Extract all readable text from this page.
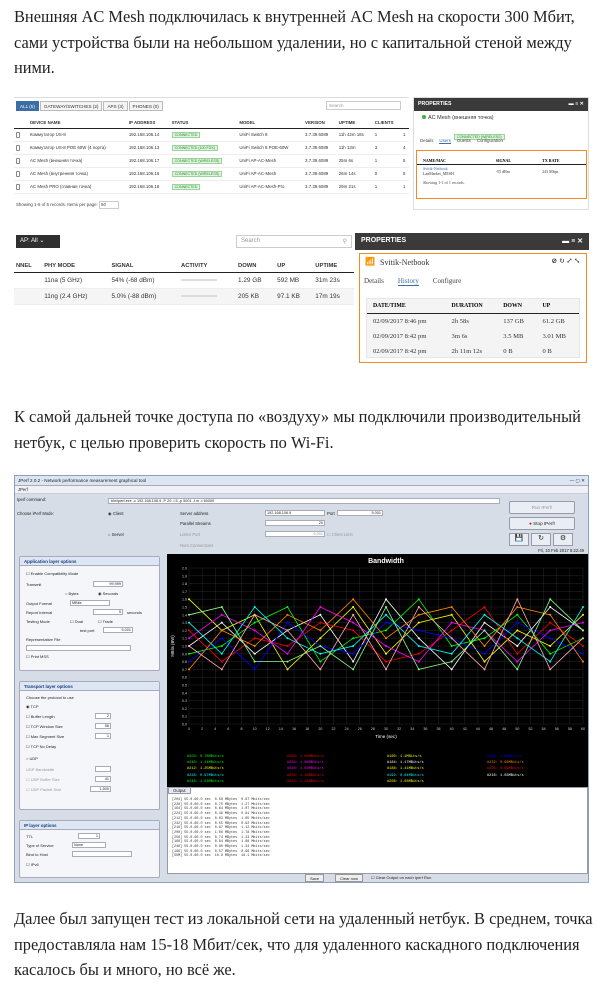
Внешняя AC Mesh подключилась к внутренней AC Mesh на скорости 300 Мбит, сами устройства были на небольшом удалении, но с капитальной стеной между ними.

ALL (5)	GATEWAY/SWITCHES (2)	APS (3)	PHONES (0)	Search
	DEVICE NAME	IP ADDRESS	STATUS	MODEL	VERSION	UPTIME	CLIENTS	
	Коммутатор US-8	192.168.106.14	CONNECTED	UniFi Switch 8	3.7.39.6089	11h 42m 18s	1	1
	Коммутатор US-8 POE 60W (4 порта)	192.168.106.13	CONNECTED (100 FDX)	UniFi Switch 8 POE-60W	3.7.39.6089	11h 13m	3	4
	AC Mesh (внешняя точка)	192.168.106.17	CONNECTED (WIRELESS)	UniFi AP-AC-Mesh	3.7.39.6089	25m 6s	1	5
	AC Mesh (внутренняя точка)	192.168.106.16	CONNECTED (WIRELESS)	UniFi AP-AC-Mesh	3.7.39.6089	26m 14s	0	5
	AC Mesh PRO (главная точка)	192.168.106.18	CONNECTED	UniFi AP-AC-Mesh-Pro	3.7.39.6089	29m 21s	1	1
Showing 1-5 of 5 records. Items per page: 50
PROPERTIES	▬ ≡ ✕
AC Mesh (внешняя точка)
CONNECTED (WIRELESS)
Details Users Guests Configuration
NAME/MAC	SIGNAL	TX RATE
Svitik-Netbook
LanMarket_MESH	-55 dBm	243 Mbps
Showing 1-1 of 1 records.
AP: All ⌄	Search	⚲
NNEL	PHY MODE	SIGNAL	ACTIVITY	DOWN	UP	UPTIME
	11na (5 GHz)	54% (-68 dBm)		1.29 GB	592 MB	31m 23s
	11ng (2.4 GHz)	5.0% (-88 dBm)		205 KB	97.1 KB	17m 19s
PROPERTIES	▬ ≡ ✕
📶 Svitik-Netbook	⊘ ↻ ⤢ ⤡
Details History Configure
DATE/TIME	DURATION	DOWN	UP
02/09/2017 8:46 pm	2h 58s	137 GB	61.2 GB
02/09/2017 8:42 pm	3m 6s	3.5 MB	3.01 MB
02/09/2017 8:42 pm	2h 11m 12s	0 B	0 B

К самой дальней точке доступа по «воздуху» мы подключили производительный нетбук, с целью проверить скорость по Wi-Fi.

JPerf 2.0.2 - Network performance measurement graphical tool	— ▢ ✕
JPerf
Iperf command:	bin/iperf.exe -c 192.168.106.9 -P 20 -i 5 -p 5001 -f m -t 60000
Choose iPerf Mode:	◉ Client
○ Server
Server address	192.168.106.9	Port	5,001
Parallel Streams	20
Listen Port	5,001 ☐ Client Limit
Num Connections
Run IPerf!
● Stop IPerf!
💾	↻	⚙
Fri, 10 Feb 2017 8:22:49
Application layer options
☐ Enable Compatibility Mode
Transmit	99,999
○ Bytes	◉ Seconds
Output Format	MBits
Report Interval	5	seconds
Testing Mode	☐ Dual	☐ Trade
test port	5,001
Representative File
☐ Print MSS
Transport layer options
Choose the protocol to use
◉ TCP
☐ Buffer Length	2
☐ TCP Window Size	56
☐ Max Segment Size	1
☐ TCP No Delay
○ UDP
UDP Bandwidth
☐ UDP Buffer Size	41
☐ UDP Packet Size	1,500
IP layer options
TTL	1
Type of Service	None
Bind to Host
☐ IPv6
Bandwidth
0.0
0.1
0.2
0.3
0.4
0.5
0.6
0.7
0.8
0.9
1.0
1.1
1.2
1.3
1.4
1.5
1.6
1.7
1.8
1.9
2.0
0	2	4	6	8	10	12	14	16	18	20	22	24	26	28	30	32	34	36	38	40	42	44	46	48	50	52	54	56	58	60
Time (sec)
MBits (BW)
#204: 0.78MBits/s	#200: 1.01MBits/s	#160: 1.1MBits/s	#196: 1.0MBits/s
#240: 1.14MBits/s	#264: 1.08MBits/s	#184: 1.17MBits/s	#232: 0.96MBits/s
#212: 1.25MBits/s	#220: 1.03MBits/s	#188: 1.41MBits/s	#236: 0.99MBits/s
#228: 0.97MBits/s	#256: 1.19MBits/s	#192: 0.84MBits/s	#216: 1.03MBits/s
#248: 1.53MBits/s	#252: 1.12MBits/s	#208: 1.03MBits/s
Output
[204] 55.0-60.0 sec  0.58 MBytes  0.97 Mbits/sec
[220] 55.0-60.0 sec  0.75 MBytes  1.27 Mbits/sec
[164] 55.0-60.0 sec  0.64 MBytes  1.07 Mbits/sec
[224] 55.0-60.0 sec  0.49 MBytes  0.81 Mbits/sec
[212] 55.0-60.0 sec  0.63 MBytes  1.05 Mbits/sec
[232] 55.0-60.0 sec  0.55 MBytes  0.92 Mbits/sec
[216] 55.0-60.0 sec  0.67 MBytes  1.12 Mbits/sec
[200] 55.0-60.0 sec  1.06 MBytes  1.78 Mbits/sec
[256] 55.0-60.0 sec  0.74 MBytes  1.23 Mbits/sec
[188] 55.0-60.0 sec  0.64 MBytes  1.08 Mbits/sec
[248] 55.0-60.0 sec  0.80 MBytes  1.34 Mbits/sec
[196] 55.0-60.0 sec  0.57 MBytes  0.96 Mbits/sec
[SUM] 55.0-60.0 sec  10.9 MBytes  18.1 Mbits/sec
Save	Clear now	☐ Clear Output on each Iperf Run

Далее был запущен тест из локальной сети на удаленный нетбук. В среднем, точка предоставляла нам 15-18 Мбит/сек, что для удаленного каскадного подключения касалось бы и много, но всё же.
